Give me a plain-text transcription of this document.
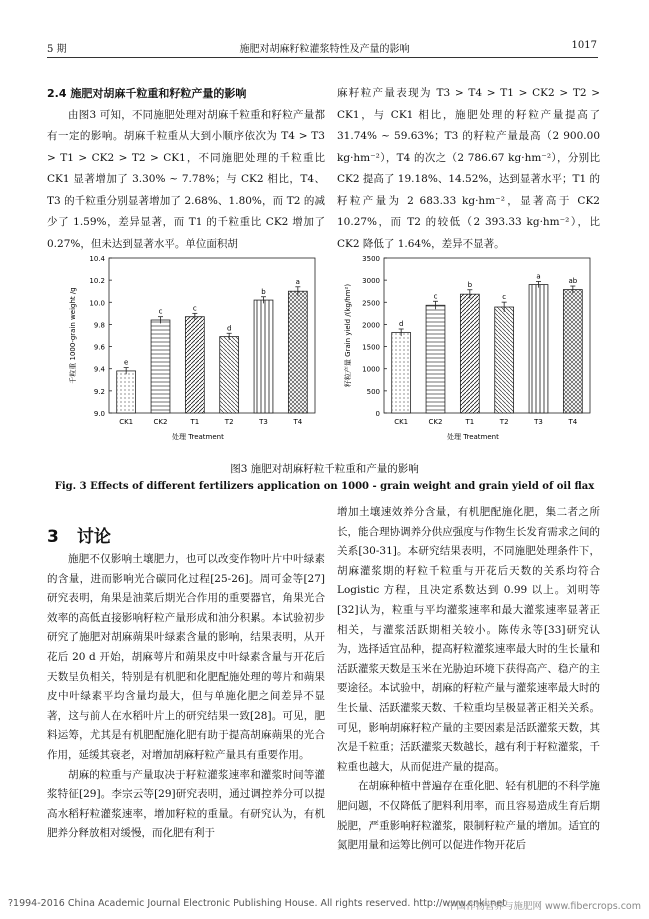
5 期	施肥对胡麻籽粒灌浆特性及产量的影响	1017

2.4 施肥对胡麻千粒重和籽粒产量的影响

由图3 可知，不同施肥处理对胡麻千粒重和籽粒产量都有一定的影响。胡麻千粒重从大到小顺序依次为 T4 > T3 > T1 > CK2 > T2 > CK1，不同施肥处理的千粒重比 CK1 显著增加了 3.30% ~ 7.78%；与 CK2 相比，T4、T3 的千粒重分别显著增加了 2.68%、1.80%，而 T2 的减少了 1.59%，差异显著，而 T1 的千粒重比 CK2 增加了 0.27%，但未达到显著水平。单位面积胡

麻籽粒产量表现为 T3 > T4 > T1 > CK2 > T2 > CK1，与 CK1 相比，施肥处理的籽粒产量提高了 31.74% ~ 59.63%；T3 的籽粒产量最高（2 900.00 kg·hm⁻²），T4 的次之（2 786.67 kg·hm⁻²），分别比 CK2 提高了 19.18%、14.52%，达到显著水平；T1 的籽粒产量为 2 683.33 kg·hm⁻²，显著高于 CK2 10.27%，而 T2 的较低（2 393.33 kg·hm⁻²），比 CK2 降低了 1.64%，差异不显著。

9.0
9.2
9.4
9.6
9.8
10.0
10.2
10.4
e
CK1
c
CK2
c
T1
d
T2
b
T3
a
T4
处理 Treatment
千粒重 1000-grain weight /g
0
500
1000
1500
2000
2500
3000
3500
d
CK1
c
CK2
b
T1
c
T2
a
T3
ab
T4
处理 Treatment
籽粒产量 Grain yield /(kg/hm²)
图3 施肥对胡麻籽粒千粒重和产量的影响
Fig. 3 Effects of different fertilizers application on 1000 - grain weight and grain yield of oil flax
3 讨论

施肥不仅影响土壤肥力，也可以改变作物叶片中叶绿素的含量，进而影响光合碳同化过程[25-26]。周可金等[27]研究表明，角果是油菜后期光合作用的重要器官，角果光合效率的高低直接影响籽粒产量形成和油分积累。本试验初步研究了施肥对胡麻蒴果叶绿素含量的影响，结果表明，从开花后 20 d 开始，胡麻萼片和蒴果皮中叶绿素含量与开花后天数呈负相关，特别是有机肥和化肥配施处理的萼片和蒴果皮中叶绿素平均含量均最大，但与单施化肥之间差异不显著，这与前人在水稻叶片上的研究结果一致[28]。可见，肥料运筹，尤其是有机肥配施化肥有助于提高胡麻蒴果的光合作用，延缓其衰老，对增加胡麻籽粒产量具有重要作用。

胡麻的粒重与产量取决于籽粒灌浆速率和灌浆时间等灌浆特征[29]。李宗云等[29]研究表明，通过调控养分可以提高水稻籽粒灌浆速率，增加籽粒的重量。有研究认为，有机肥养分释放相对缓慢，而化肥有利于

增加土壤速效养分含量，有机肥配施化肥，集二者之所长，能合理协调养分供应强度与作物生长发育需求之间的关系[30-31]。本研究结果表明，不同施肥处理条件下，胡麻灌浆期的籽粒千粒重与开花后天数的关系均符合 Logistic 方程，且决定系数达到 0.99 以上。刘明等[32]认为，粒重与平均灌浆速率和最大灌浆速率显著正相关，与灌浆活跃期相关较小。陈传永等[33]研究认为，选择适宜品种，提高籽粒灌浆速率最大时的生长量和活跃灌浆天数是玉米在光胁迫环境下获得高产、稳产的主要途径。本试验中，胡麻的籽粒产量与灌浆速率最大时的生长量、活跃灌浆天数、千粒重均呈极显著正相关关系。可见，影响胡麻籽粒产量的主要因素是活跃灌浆天数，其次是千粒重；活跃灌浆天数越长，越有利于籽粒灌浆，千粒重也越大，从而促进产量的提高。

在胡麻种植中普遍存在重化肥、轻有机肥的不科学施肥问题，不仅降低了肥料利用率，而且容易造成生育后期脱肥，严重影响籽粒灌浆，限制籽粒产量的增加。适宜的氮肥用量和运筹比例可以促进作物开花后

?1994-2016 China Academic Journal Electronic Publishing House. All rights reserved. http://www.cnki.net
中国作物营养与施肥网 www.fibercrops.com
